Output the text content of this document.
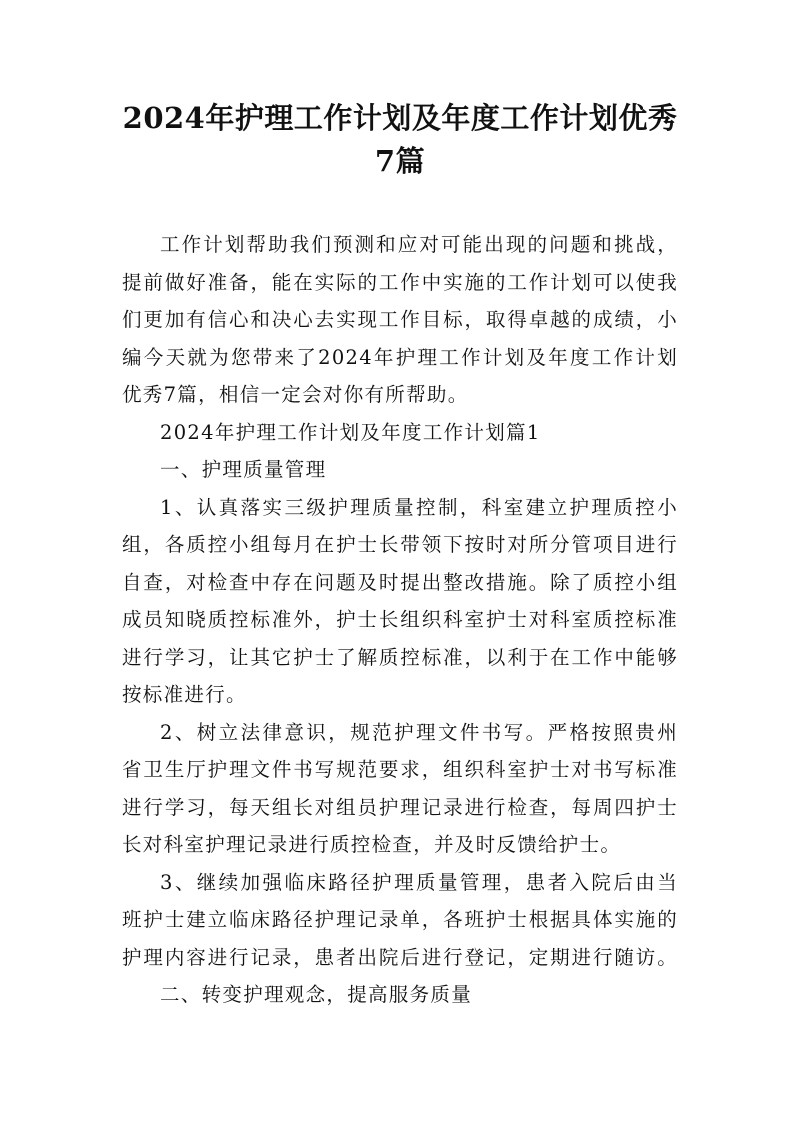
2024年护理工作计划及年度工作计划优秀
7篇

工作计划帮助我们预测和应对可能出现的问题和挑战，

提前做好准备，能在实际的工作中实施的工作计划可以使我

们更加有信心和决心去实现工作目标，取得卓越的成绩，小

编今天就为您带来了2024年护理工作计划及年度工作计划

优秀7篇，相信一定会对你有所帮助。

2024年护理工作计划及年度工作计划篇1

一、护理质量管理

1、认真落实三级护理质量控制，科室建立护理质控小

组，各质控小组每月在护士长带领下按时对所分管项目进行

自查，对检查中存在问题及时提出整改措施。除了质控小组

成员知晓质控标准外，护士长组织科室护士对科室质控标准

进行学习，让其它护士了解质控标准，以利于在工作中能够

按标准进行。

2、树立法律意识，规范护理文件书写。严格按照贵州

省卫生厅护理文件书写规范要求，组织科室护士对书写标准

进行学习，每天组长对组员护理记录进行检查，每周四护士

长对科室护理记录进行质控检查，并及时反馈给护士。

3、继续加强临床路径护理质量管理，患者入院后由当

班护士建立临床路径护理记录单，各班护士根据具体实施的

护理内容进行记录，患者出院后进行登记，定期进行随访。

二、转变护理观念，提高服务质量
